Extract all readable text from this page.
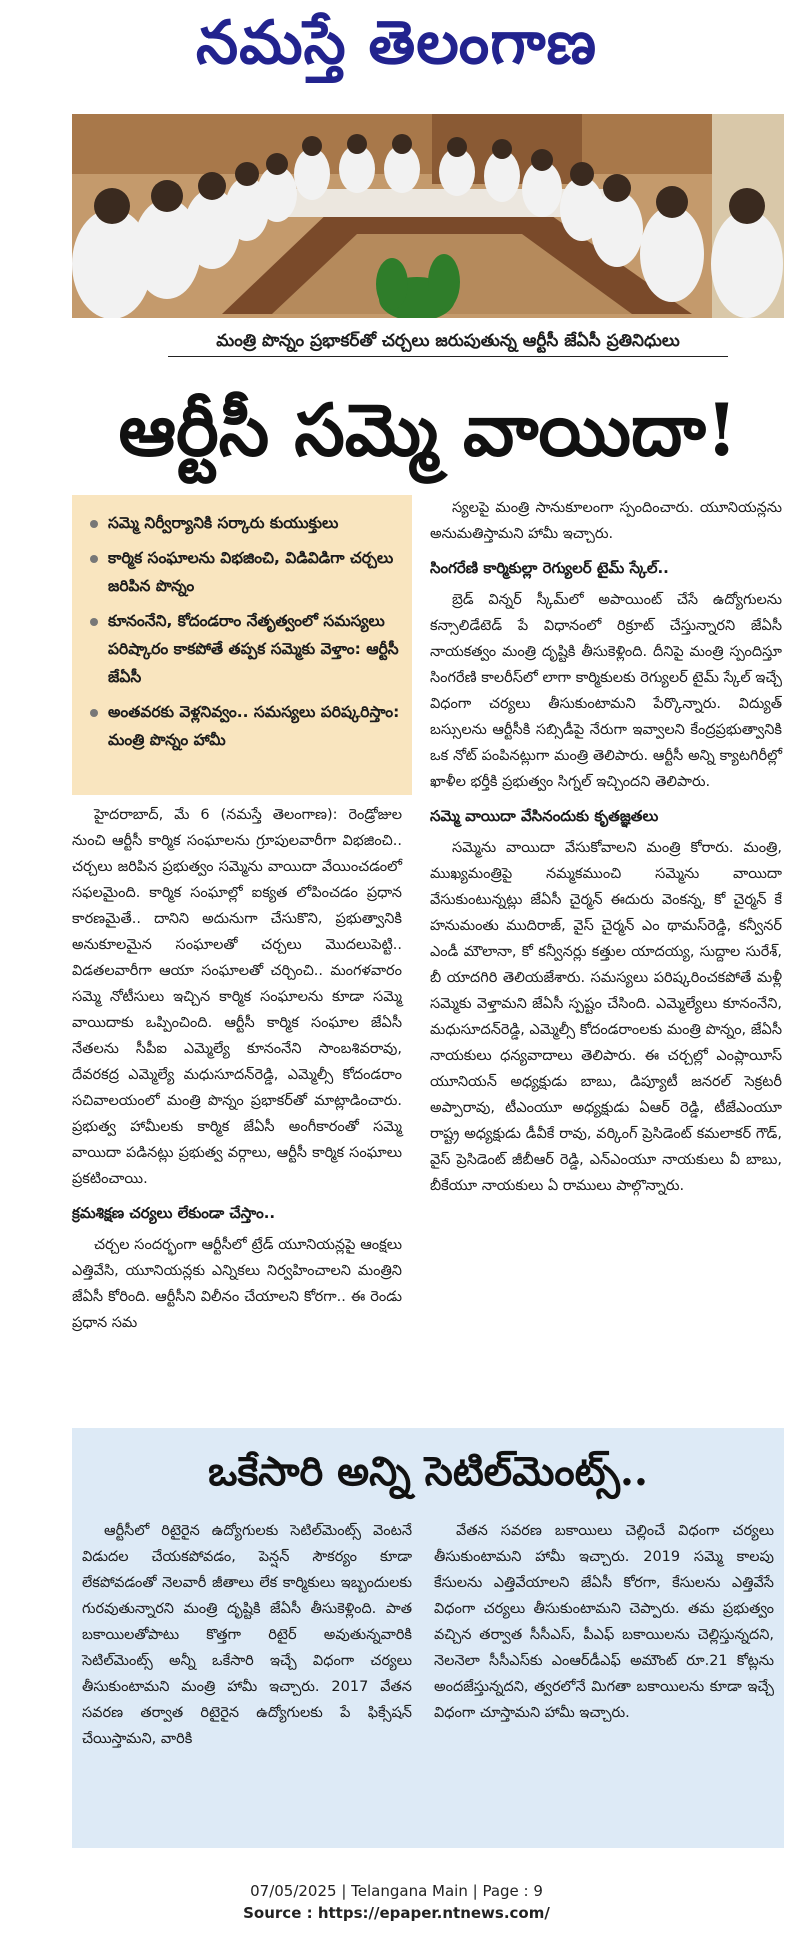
నమస్తే తెలంగాణ
మంత్రి పొన్నం ప్రభాకర్‌తో చర్చలు జరుపుతున్న ఆర్టీసీ జేఏసీ ప్రతినిధులు
ఆర్టీసీ సమ్మె వాయిదా!
సమ్మె నిర్వీర్యానికి సర్కారు కుయుక్తులు
కార్మిక సంఘాలను విభజించి, విడివిడిగా చర్చలు జరిపిన పొన్నం
కూనంనేని, కోదండరాం నేతృత్వంలో సమస్యలు పరిష్కారం కాకపోతే తప్పక సమ్మెకు వెళ్తాం: ఆర్టీసీ జేఏసీ
అంతవరకు వెళ్లనివ్వం.. సమస్యలు పరిష్కరిస్తాం: మంత్రి పొన్నం హామీ

హైదరాబాద్, మే 6 (నమస్తే తెలంగాణ): రెండ్రోజుల నుంచి ఆర్టీసీ కార్మిక సంఘాలను గ్రూపులవారీగా విభజించి.. చర్చలు జరిపిన ప్రభుత్వం సమ్మెను వాయిదా వేయించడంలో సఫలమైంది. కార్మిక సంఘాల్లో ఐక్యత లోపించడం ప్రధాన కారణమైతే.. దానిని అదునుగా చేసుకొని, ప్రభుత్వానికి అనుకూలమైన సంఘాలతో చర్చలు మొదలుపెట్టి.. విడతలవారీగా ఆయా సంఘాలతో చర్చించి.. మంగళవారం సమ్మె నోటీసులు ఇచ్చిన కార్మిక సంఘాలను కూడా సమ్మె వాయిదాకు ఒప్పించింది. ఆర్టీసీ కార్మిక సంఘాల జేఏసీ నేతలను సీపీఐ ఎమ్మెల్యే కూనంనేని సాంబశివరావు, దేవరకద్ర ఎమ్మెల్యే మధుసూదన్‌రెడ్డి, ఎమ్మెల్సీ కోదండరాం సచివాలయంలో మంత్రి పొన్నం ప్రభాకర్‌తో మాట్లాడించారు. ప్రభుత్వ హామీలకు కార్మిక జేఏసీ అంగీకారంతో సమ్మె వాయిదా పడినట్లు ప్రభుత్వ వర్గాలు, ఆర్టీసీ కార్మిక సంఘాలు ప్రకటించాయి.

క్రమశిక్షణ చర్యలు లేకుండా చేస్తాం..

చర్చల సందర్భంగా ఆర్టీసీలో ట్రేడ్ యూనియన్లపై ఆంక్షలు ఎత్తివేసి, యూనియన్లకు ఎన్నికలు నిర్వహించాలని మంత్రిని జేఏసీ కోరింది. ఆర్టీసీని విలీనం చేయాలని కోరగా.. ఈ రెండు ప్రధాన సమ

స్యలపై మంత్రి సానుకూలంగా స్పందించారు. యూనియన్లను అనుమతిస్తామని హామీ ఇచ్చారు.

సింగరేణి కార్మికుల్లా రెగ్యులర్ టైమ్ స్కేల్..

బ్రెడ్ విన్నర్ స్కీమ్‌లో అపాయింట్ చేసే ఉద్యోగులను కన్సాలిడేటెడ్ పే విధానంలో రిక్రూట్ చేస్తున్నారని జేఏసీ నాయకత్వం మంత్రి దృష్టికి తీసుకెళ్లింది. దీనిపై మంత్రి స్పందిస్తూ సింగరేణి కాలరీస్‌లో లాగా కార్మికులకు రెగ్యులర్ టైమ్ స్కేల్ ఇచ్చే విధంగా చర్యలు తీసుకుంటామని పేర్కొన్నారు. విద్యుత్ బస్సులను ఆర్టీసీకి సబ్సిడీపై నేరుగా ఇవ్వాలని కేంద్రప్రభుత్వానికి ఒక నోట్ పంపినట్లుగా మంత్రి తెలిపారు. ఆర్టీసీ అన్ని క్యాటగిరీల్లో ఖాళీల భర్తీకి ప్రభుత్వం సిగ్నల్ ఇచ్చిందని తెలిపారు.

సమ్మె వాయిదా వేసినందుకు కృతజ్ఞతలు

సమ్మెను వాయిదా వేసుకోవాలని మంత్రి కోరారు. మంత్రి, ముఖ్యమంత్రిపై నమ్మకముంచి సమ్మెను వాయిదా వేసుకుంటున్నట్లు జేఏసీ చైర్మన్ ఈదురు వెంకన్న, కో చైర్మన్ కే హనుమంతు ముదిరాజ్, వైస్ చైర్మన్ ఎం థామస్‌రెడ్డి, కన్వీనర్ ఎండీ మౌలానా, కో కన్వీనర్లు కత్తుల యాదయ్య, సుద్దాల సురేశ్, బీ యాదగిరి తెలియజేశారు. సమస్యలు పరిష్కరించకపోతే మళ్లీ సమ్మెకు వెళ్తామని జేఏసీ స్పష్టం చేసింది. ఎమ్మెల్యేలు కూనంనేని, మధుసూదన్‌రెడ్డి, ఎమ్మెల్సీ కోదండరాంలకు మంత్రి పొన్నం, జేఏసీ నాయకులు ధన్యవాదాలు తెలిపారు. ఈ చర్చల్లో ఎంప్లాయీస్ యూనియన్ అధ్యక్షుడు బాబు, డిప్యూటీ జనరల్ సెక్రటరీ అప్పారావు, టీఎంయూ అధ్యక్షుడు ఏఆర్ రెడ్డి, టీజేఎంయూ రాష్ట్ర అధ్యక్షుడు డీవీకే రావు, వర్కింగ్ ప్రెసిడెంట్ కమలాకర్ గౌడ్, వైస్ ప్రెసిడెంట్ జీబీఆర్ రెడ్డి, ఎన్‌ఎంయూ నాయకులు వీ బాబు, బీకేయూ నాయకులు ఏ రాములు పాల్గొన్నారు.

ఒకేసారి అన్ని సెటిల్‌మెంట్స్..

ఆర్టీసీలో రిటైరైన ఉద్యోగులకు సెటిల్‌మెంట్స్ వెంటనే విడుదల చేయకపోవడం, పెన్షన్ సౌకర్యం కూడా లేకపోవడంతో నెలవారీ జీతాలు లేక కార్మికులు ఇబ్బందులకు గురవుతున్నారని మంత్రి దృష్టికి జేఏసీ తీసుకెళ్లింది. పాత బకాయిలతోపాటు కొత్తగా రిటైర్ అవుతున్నవారికి సెటిల్‌మెంట్స్ అన్నీ ఒకేసారి ఇచ్చే విధంగా చర్యలు తీసుకుంటామని మంత్రి హామీ ఇచ్చారు. 2017 వేతన సవరణ తర్వాత రిటైరైన ఉద్యోగులకు పే ఫిక్సేషన్ చేయిస్తామని, వారికి

వేతన సవరణ బకాయిలు చెల్లించే విధంగా చర్యలు తీసుకుంటామని హామీ ఇచ్చారు. 2019 సమ్మె కాలపు కేసులను ఎత్తివేయాలని జేఏసీ కోరగా, కేసులను ఎత్తివేసే విధంగా చర్యలు తీసుకుంటామని చెప్పారు. తమ ప్రభుత్వం వచ్చిన తర్వాత సీసీఎస్, పీఎఫ్ బకాయిలను చెల్లిస్తున్నదని, నెలనెలా సీసీఎస్‌కు ఎంఆర్‌డీఎఫ్ అమౌంట్ రూ.21 కోట్లను అందజేస్తున్నదని, త్వరలోనే మిగతా బకాయిలను కూడా ఇచ్చే విధంగా చూస్తామని హామీ ఇచ్చారు.

07/05/2025 | Telangana Main | Page : 9
Source : https://epaper.ntnews.com/
